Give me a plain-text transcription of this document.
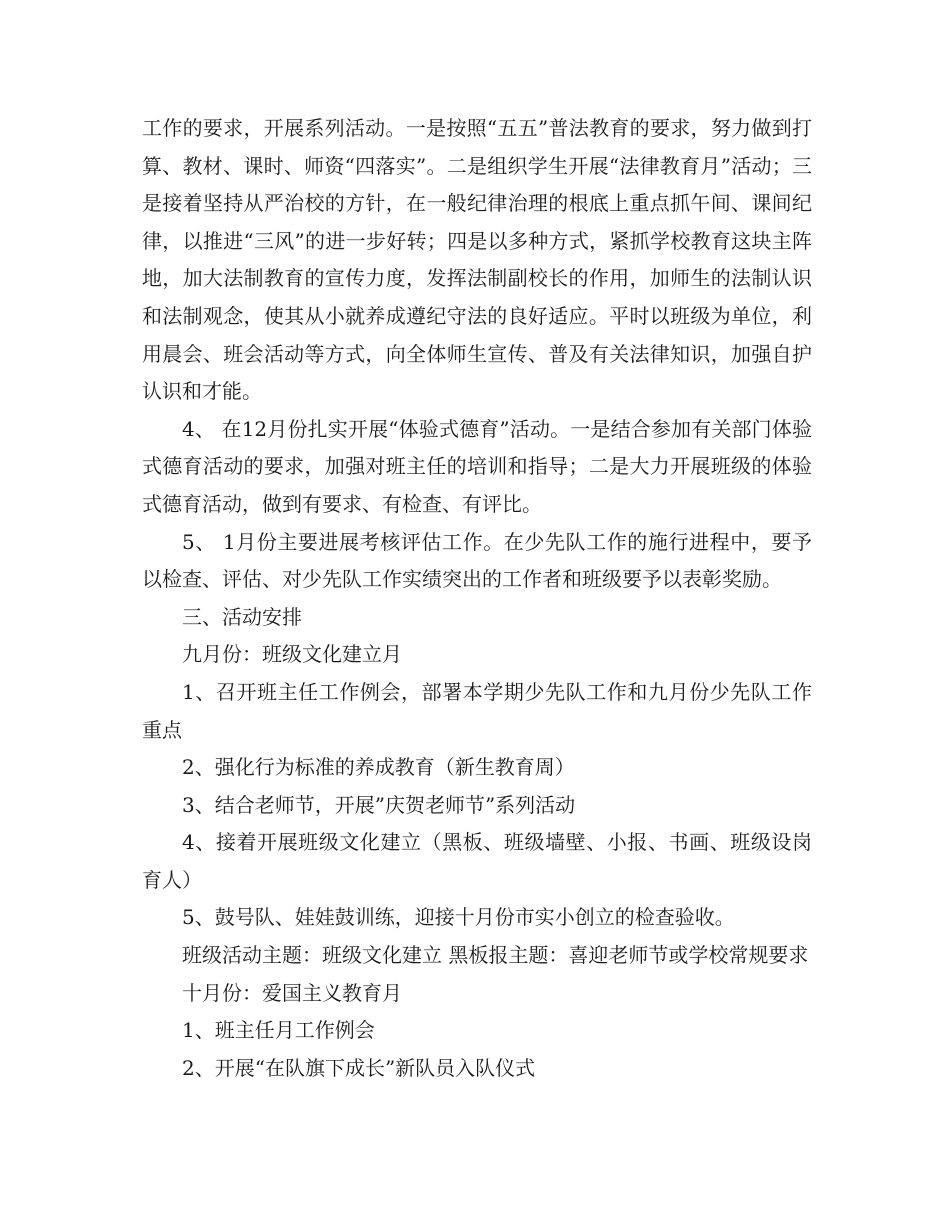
工作的要求，开展系列活动。一是按照“五五”普法教育的要求，努力做到打算、教材、课时、师资“四落实”。二是组织学生开展“法律教育月”活动；三是接着坚持从严治校的方针，在一般纪律治理的根底上重点抓午间、课间纪律，以推进“三风”的进一步好转；四是以多种方式，紧抓学校教育这块主阵地，加大法制教育的宣传力度，发挥法制副校长的作用，加师生的法制认识和法制观念，使其从小就养成遵纪守法的良好适应。平时以班级为单位，利用晨会、班会活动等方式，向全体师生宣传、普及有关法律知识，加强自护认识和才能。

4、 在12月份扎实开展“体验式德育”活动。一是结合参加有关部门体验式德育活动的要求，加强对班主任的培训和指导；二是大力开展班级的体验式德育活动，做到有要求、有检查、有评比。

5、 1月份主要进展考核评估工作。在少先队工作的施行进程中，要予以检查、评估、对少先队工作实绩突出的工作者和班级要予以表彰奖励。

三、活动安排

九月份：班级文化建立月

1、召开班主任工作例会，部署本学期少先队工作和九月份少先队工作重点

2、强化行为标准的养成教育（新生教育周）

3、结合老师节，开展”庆贺老师节”系列活动

4、接着开展班级文化建立（黑板、班级墙壁、小报、书画、班级设岗育人）

5、鼓号队、娃娃鼓训练，迎接十月份市实小创立的检查验收。

班级活动主题：班级文化建立 黑板报主题：喜迎老师节或学校常规要求

十月份：爱国主义教育月

1、班主任月工作例会

2、开展“在队旗下成长”新队员入队仪式
